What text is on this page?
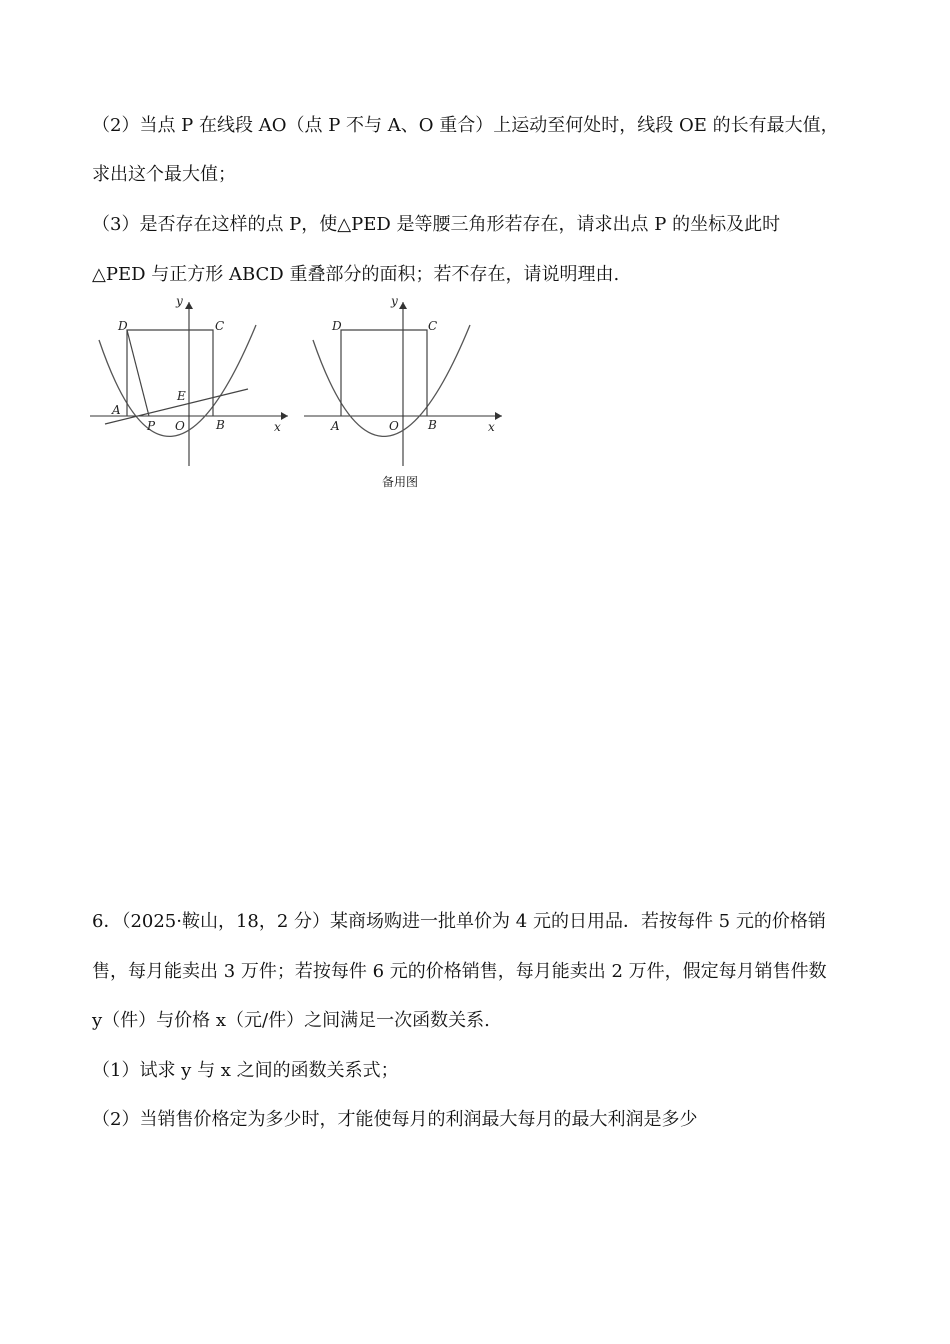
（2）当点 P 在线段 AO（点 P 不与 A、O 重合）上运动至何处时，线段 OE 的长有最大值，
求出这个最大值；
（3）是否存在这样的点 P，使△PED 是等腰三角形若存在，请求出点 P 的坐标及此时
△PED 与正方形 ABCD 重叠部分的面积；若不存在，请说明理由.
y
x
D	C
E
A
P O	B
y
x
D	C
A	O B
备用图
6．（2025·鞍山，18，2 分）某商场购进一批单价为 4 元的日用品．若按每件 5 元的价格销
售，每月能卖出 3 万件；若按每件 6 元的价格销售，每月能卖出 2 万件，假定每月销售件数
y（件）与价格 x（元/件）之间满足一次函数关系.
（1）试求 y 与 x 之间的函数关系式；
（2）当销售价格定为多少时，才能使每月的利润最大每月的最大利润是多少
